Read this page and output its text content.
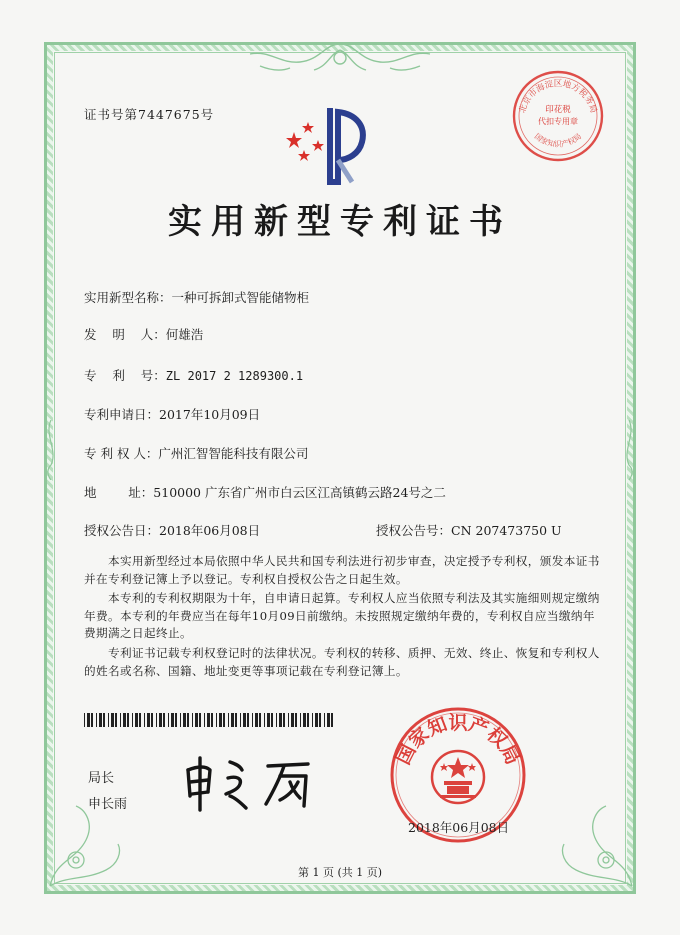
证书号第7447675号	北京市海淀区地方税务局
印花税
代扣专用章
国家知识产权局
实用新型专利证书
实用新型名称：一种可拆卸式智能储物柜
发    明    人：何雄浩
专    利    号：ZL 2017 2 1289300.1
专利申请日：2017年10月09日
专 利 权 人：广州汇智智能科技有限公司
地        址：510000 广东省广州市白云区江高镇鹤云路24号之二
授权公告日：2018年06月08日	授权公告号：CN 207473750 U
本实用新型经过本局依照中华人民共和国专利法进行初步审查，决定授予专利权，颁发本证书并在专利登记簿上予以登记。专利权自授权公告之日起生效。
本专利的专利权期限为十年，自申请日起算。专利权人应当依照专利法及其实施细则规定缴纳年费。本专利的年费应当在每年10月09日前缴纳。未按照规定缴纳年费的，专利权自应当缴纳年费期满之日起终止。
专利证书记载专利权登记时的法律状况。专利权的转移、质押、无效、终止、恢复和专利权人的姓名或名称、国籍、地址变更等事项记载在专利登记簿上。
局长
申长雨
国家知识产权局
2018年06月08日
第 1 页 (共 1 页)
